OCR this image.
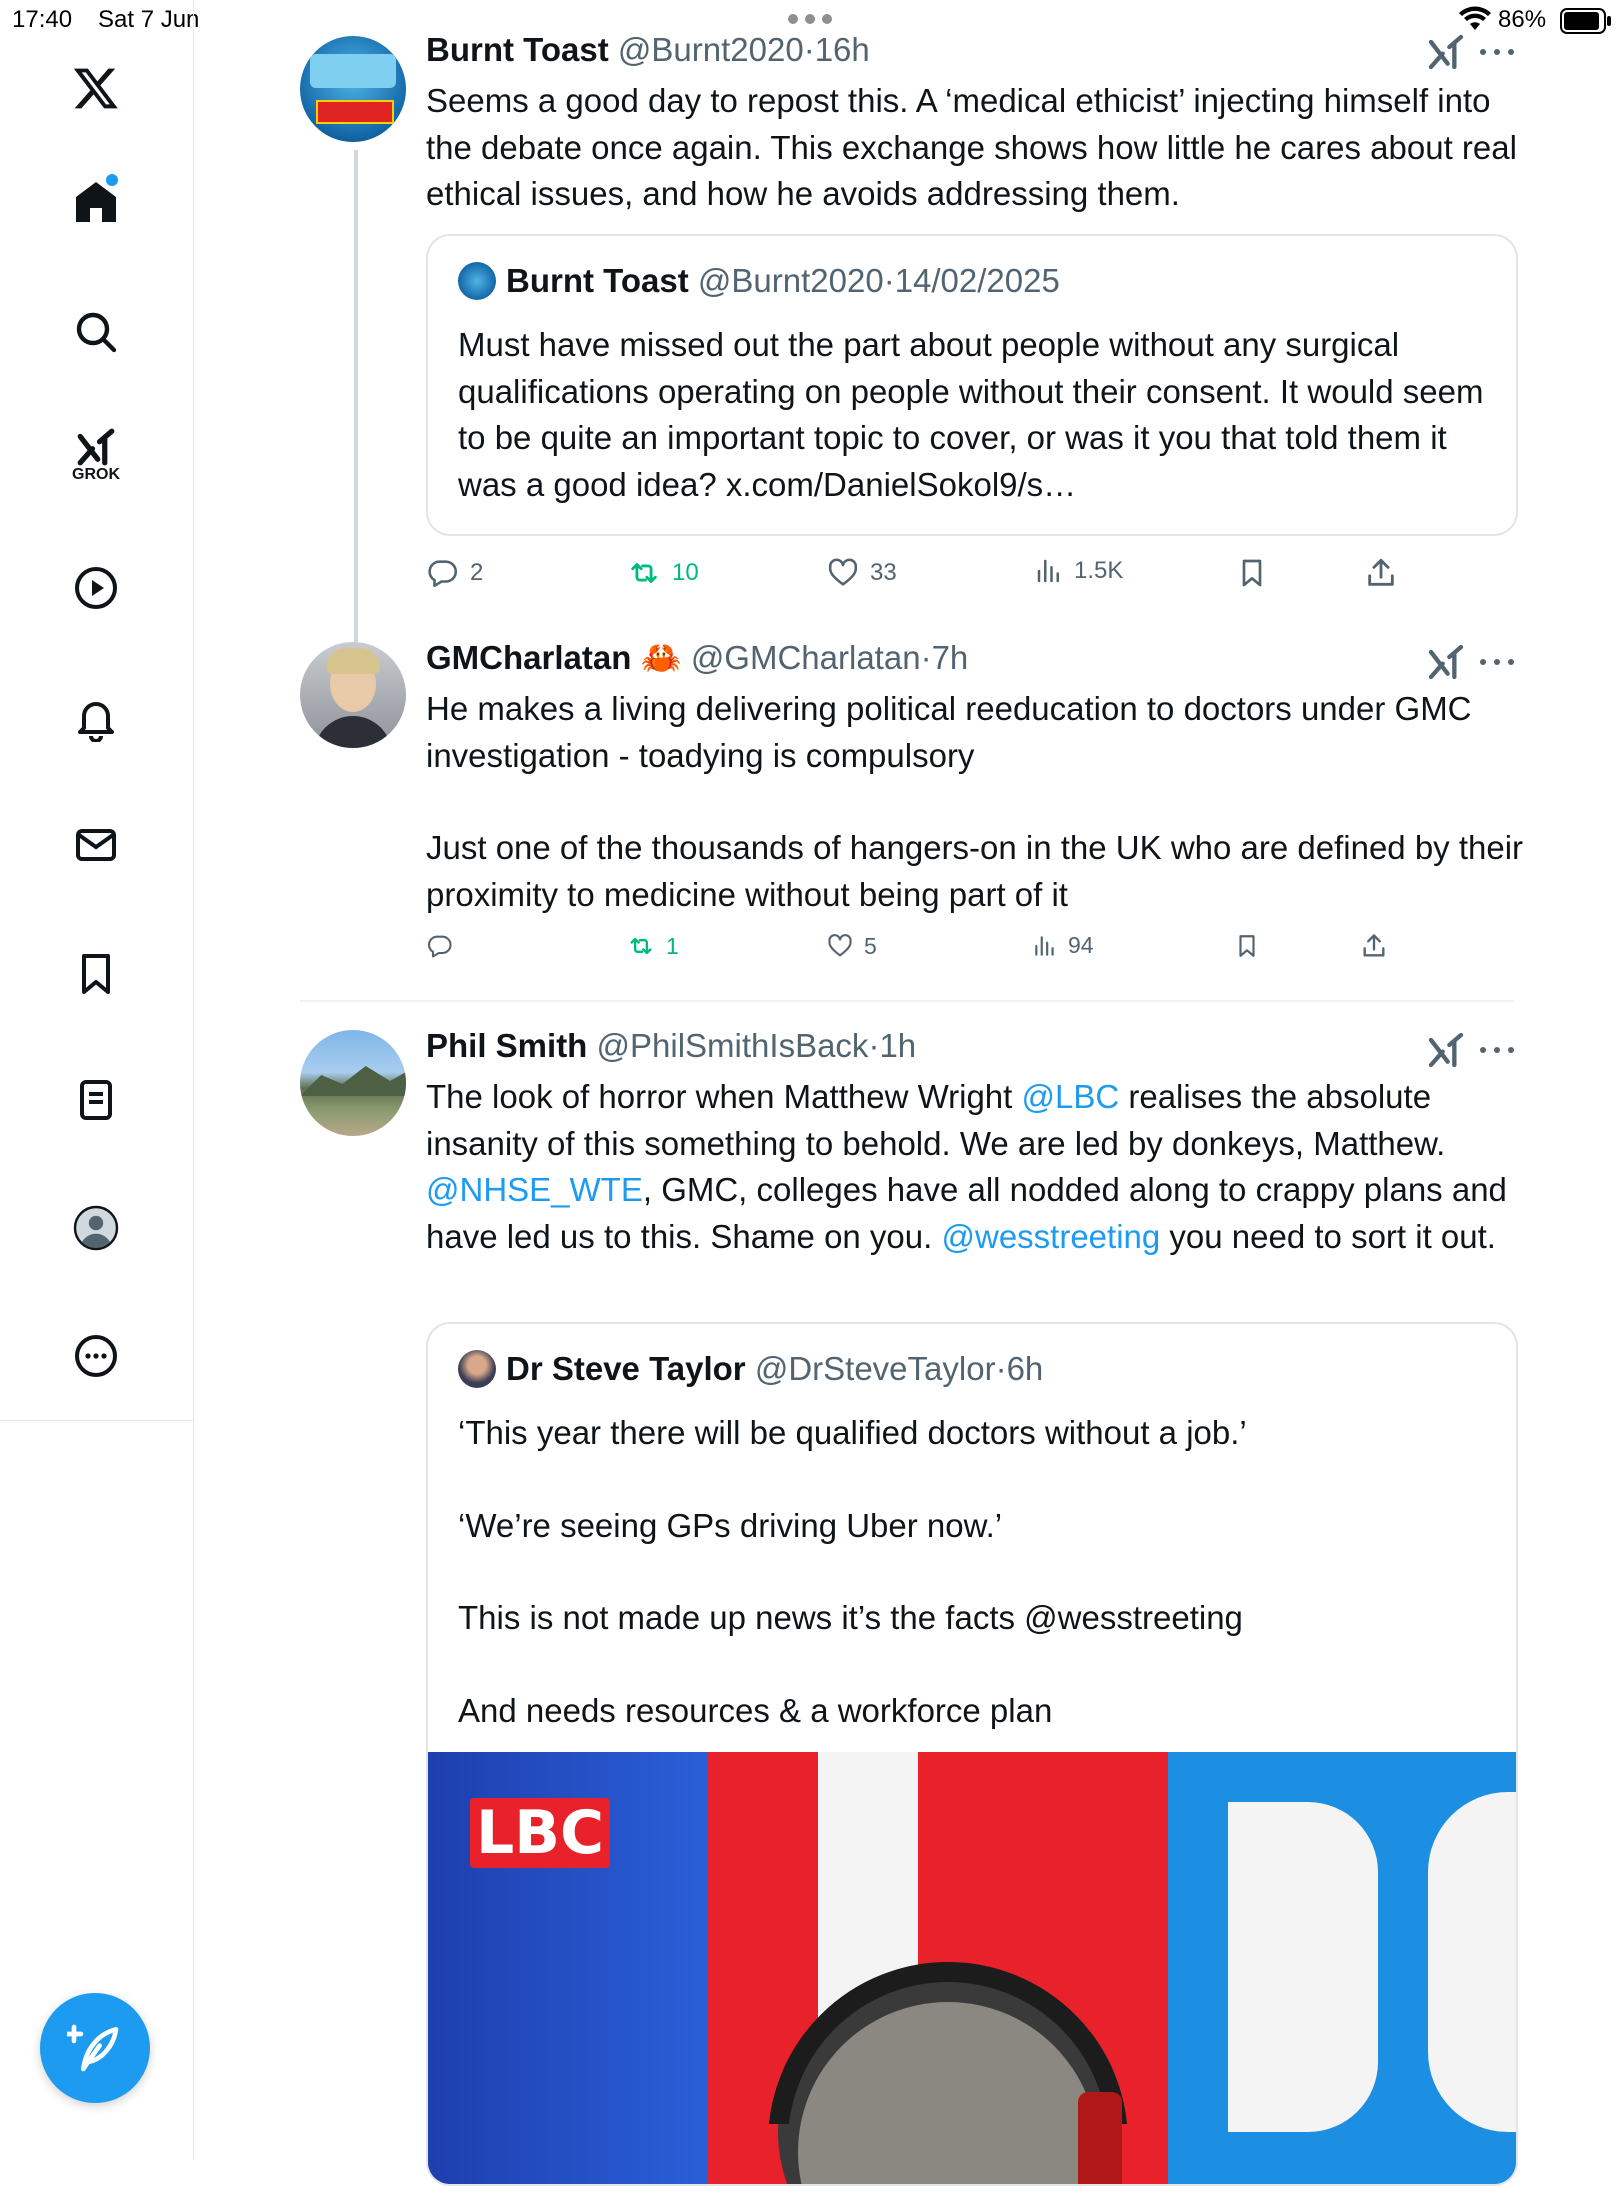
17:40 Sat 7 Jun	86%
GROK
Burnt Toast @Burnt2020·16h

Seems a good day to repost this. A ‘medical ethicist’ injecting himself into the debate once again. This exchange shows how little he cares about real ethical issues, and how he avoids addressing them.

Burnt Toast
@Burnt2020 · 14/02/2025

Must have missed out the part about people without any surgical qualifications operating on people without their consent. It would seem to be quite an important topic to cover, or was it you that told them it was a good idea? x.com/DanielSokol9/s…

2	10	33	1.5K
GMCharlatan 🦀 @GMCharlatan·7h

He makes a living delivering political reeducation to doctors under GMC investigation - toadying is compulsory

Just one of the thousands of hangers-on in the UK who are defined by their proximity to medicine without being part of it

1	5	94
Phil Smith @PhilSmithIsBack·1h

The look of horror when Matthew Wright @LBC realises the absolute insanity of this something to behold. We are led by donkeys, Matthew. @NHSE_WTE, GMC, colleges have all nodded along to crappy plans and have led us to this. Shame on you. @wesstreeting you need to sort it out.

Dr Steve Taylor
@DrSteveTaylor · 6h

‘This year there will be qualified doctors without a job.’

‘We’re seeing GPs driving Uber now.’

This is not made up news it’s the facts @wesstreeting

And needs resources & a workforce plan

LBC
